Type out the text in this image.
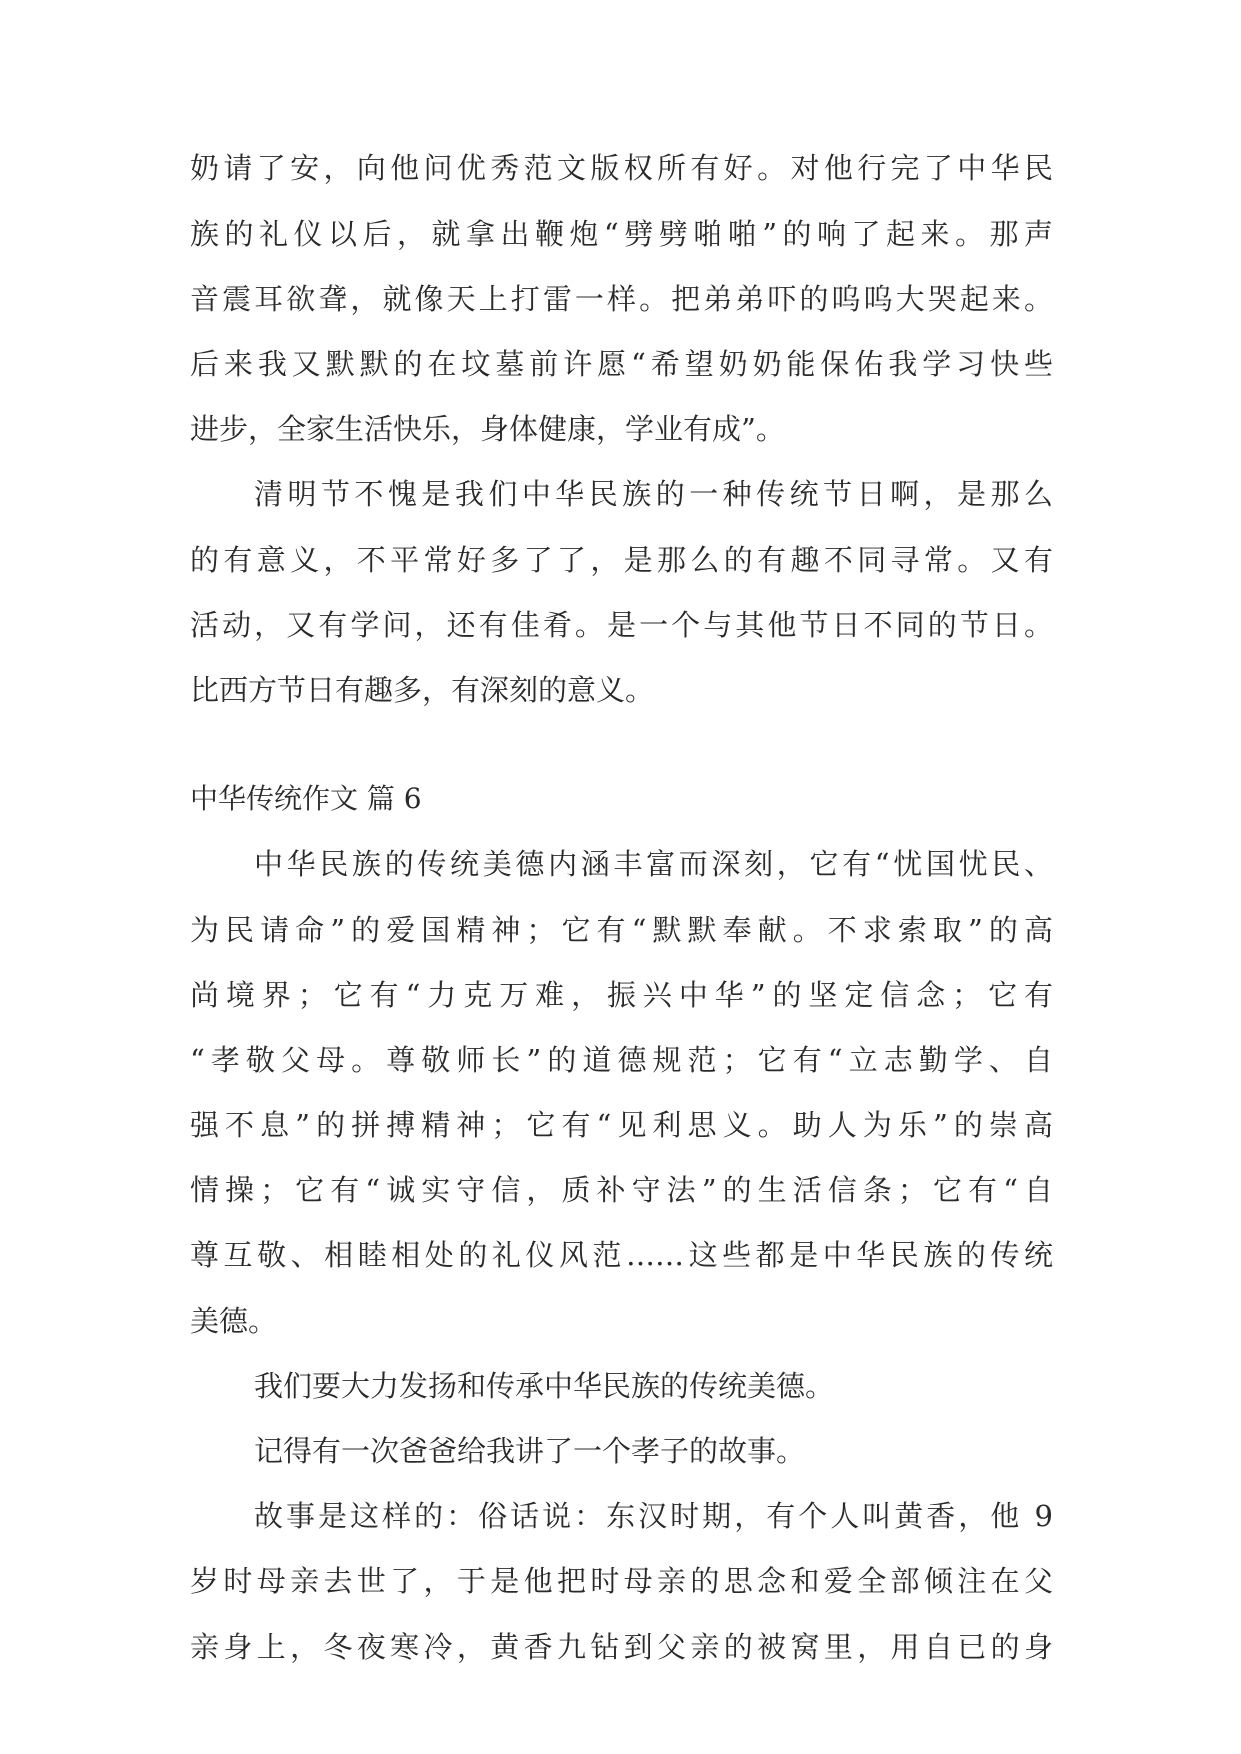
奶请了安，向他问优秀范文版权所有好。对他行完了中华民
族的礼仪以后，就拿出鞭炮“劈劈啪啪”的响了起来。那声
音震耳欲聋，就像天上打雷一样。把弟弟吓的呜呜大哭起来。
后来我又默默的在坟墓前许愿“希望奶奶能保佑我学习快些
进步，全家生活快乐，身体健康，学业有成”。
清明节不愧是我们中华民族的一种传统节日啊，是那么
的有意义，不平常好多了了，是那么的有趣不同寻常。又有
活动，又有学问，还有佳肴。是一个与其他节日不同的节日。
比西方节日有趣多，有深刻的意义。
中华传统作文 篇 6
中华民族的传统美德内涵丰富而深刻，它有“忧国忧民、
为民请命”的爱国精神；它有“默默奉献。不求索取”的高
尚境界；它有“力克万难，振兴中华”的坚定信念；它有
“孝敬父母。尊敬师长”的道德规范；它有“立志勤学、自
强不息”的拼搏精神；它有“见利思义。助人为乐”的崇高
情操；它有“诚实守信，质补守法”的生活信条；它有“自
尊互敬、相睦相处的礼仪风范……这些都是中华民族的传统
美德。
我们要大力发扬和传承中华民族的传统美德。
记得有一次爸爸给我讲了一个孝子的故事。
故事是这样的：俗话说：东汉时期，有个人叫黄香，他 9
岁时母亲去世了，于是他把时母亲的思念和爱全部倾注在父
亲身上，冬夜寒冷，黄香九钻到父亲的被窝里，用自已的身
